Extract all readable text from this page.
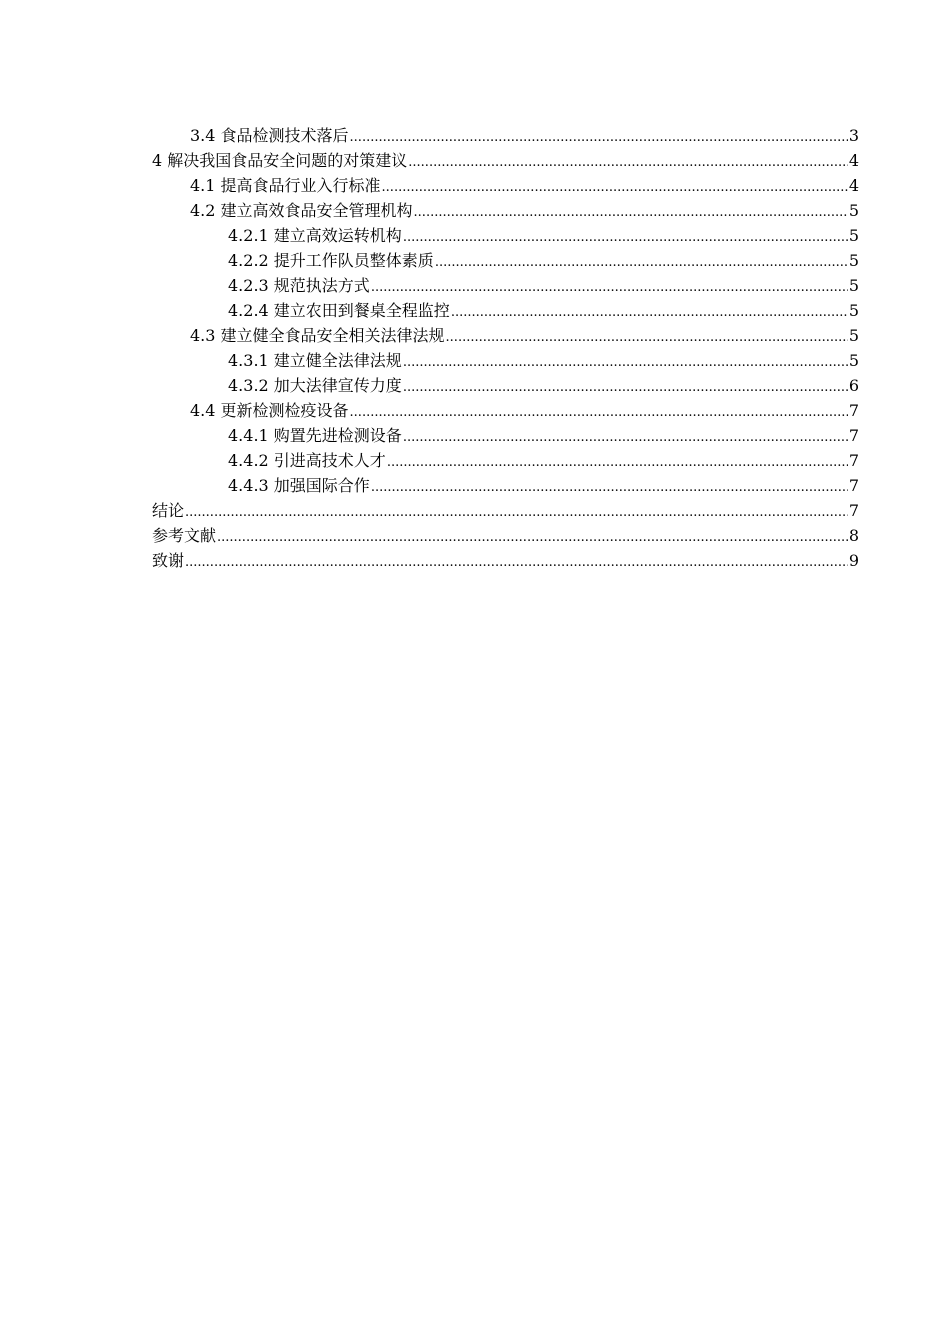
3.4 食品检测技术落后 .....	3
4 解决我国食品安全问题的对策建议 .....	4
4.1 提高食品行业入行标准 .....	4
4.2 建立高效食品安全管理机构 .....	5
4.2.1 建立高效运转机构 .....	5
4.2.2 提升工作队员整体素质 .....	5
4.2.3 规范执法方式 .....	5
4.2.4 建立农田到餐桌全程监控 .....	5
4.3 建立健全食品安全相关法律法规 .....	5
4.3.1 建立健全法律法规 .....	5
4.3.2 加大法律宣传力度 .....	6
4.4 更新检测检疫设备 .....	7
4.4.1 购置先进检测设备 .....	7
4.4.2 引进高技术人才 .....	7
4.4.3 加强国际合作 .....	7
结论 .....	7
参考文献 .....	8
致谢 .....	9
